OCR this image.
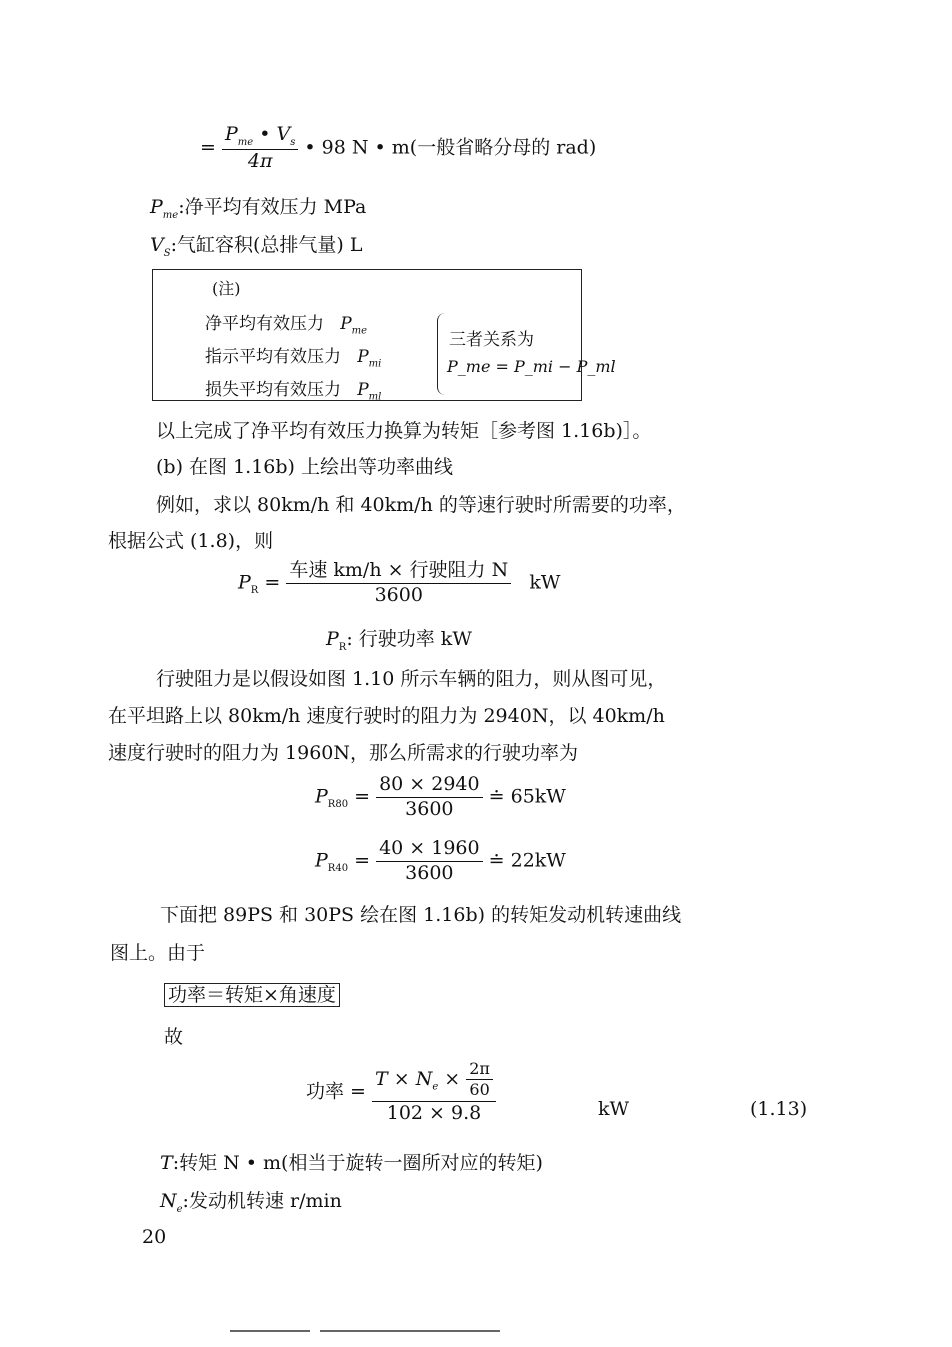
= $\frac{P_{me} • V_s}{4\pi}$ • 98 N • m(一般省略分母的 rad)
$P_{me}$:净平均有效压力 MPa
$V_S$:气缸容积(总排气量) L
(注)
净平均有效压力 $P_{me}$
指示平均有效压力 $P_{mi}$
损失平均有效压力 $P_{ml}$
三者关系为
P_me = P_mi − P_ml
以上完成了净平均有效压力换算为转矩［参考图 1.16b)］。
(b) 在图 1.16b) 上绘出等功率曲线
例如，求以 80km/h 和 40km/h 的等速行驶时所需要的功率，
根据公式 (1.8)，则
$P_R = \frac{\text{车速 km/h × 行驶阻力 N}}{3600}$ kW
$P_R$: 行驶功率 kW
行驶阻力是以假设如图 1.10 所示车辆的阻力，则从图可见，
在平坦路上以 80km/h 速度行驶时的阻力为 2940N，以 40km/h
速度行驶时的阻力为 1960N，那么所需求的行驶功率为
$P_{R80} = \frac{80 \times 2940}{3600}$ ≐ 65kW
$P_{R40} = \frac{40 \times 1960}{3600}$ ≐ 22kW
下面把 89PS 和 30PS 绘在图 1.16b) 的转矩发动机转速曲线
图上。由于
功率＝转矩×角速度
故
功率 = $\frac{T \times N_e \times \frac{2\pi}{60}}{102 \times 9.8}$	kW	(1.13)
T:转矩 N • m(相当于旋转一圈所对应的转矩)
$N_e$:发动机转速 r/min
20
